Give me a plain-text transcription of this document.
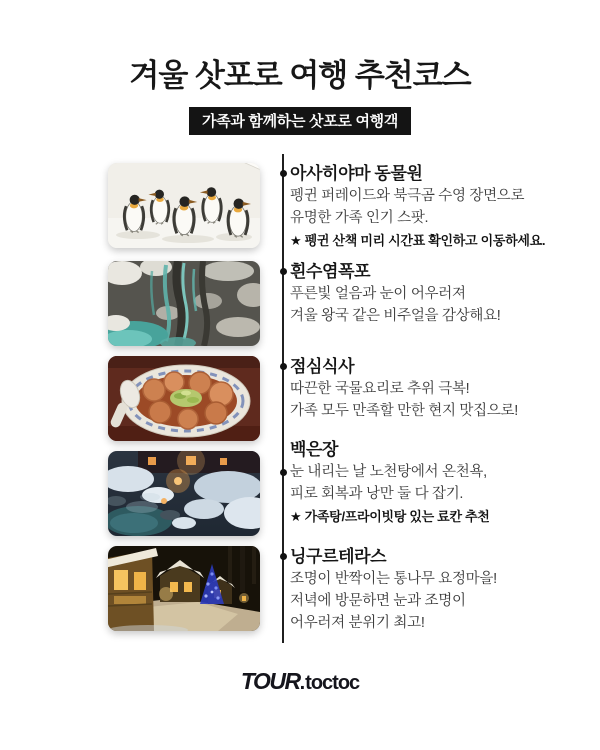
겨울 삿포로 여행 추천코스
가족과 함께하는 삿포로 여행객
아사히야마 동물원
펭귄 퍼레이드와 북극곰 수영 장면으로
유명한 가족 인기 스팟.
★ 펭귄 산책 미리 시간표 확인하고 이동하세요.
흰수염폭포
푸른빛 얼음과 눈이 어우러져
겨울 왕국 같은 비주얼을 감상해요!
점심식사
따끈한 국물요리로 추위 극복!
가족 모두 만족할 만한 현지 맛집으로!
백은장
눈 내리는 날 노천탕에서 온천욕,
피로 회복과 낭만 둘 다 잡기.
★ 가족탕/프라이빗탕 있는 료칸 추천
닝구르테라스
조명이 반짝이는 통나무 요정마을!
저녁에 방문하면 눈과 조명이
어우러져 분위기 최고!
TOUR.toctoc
